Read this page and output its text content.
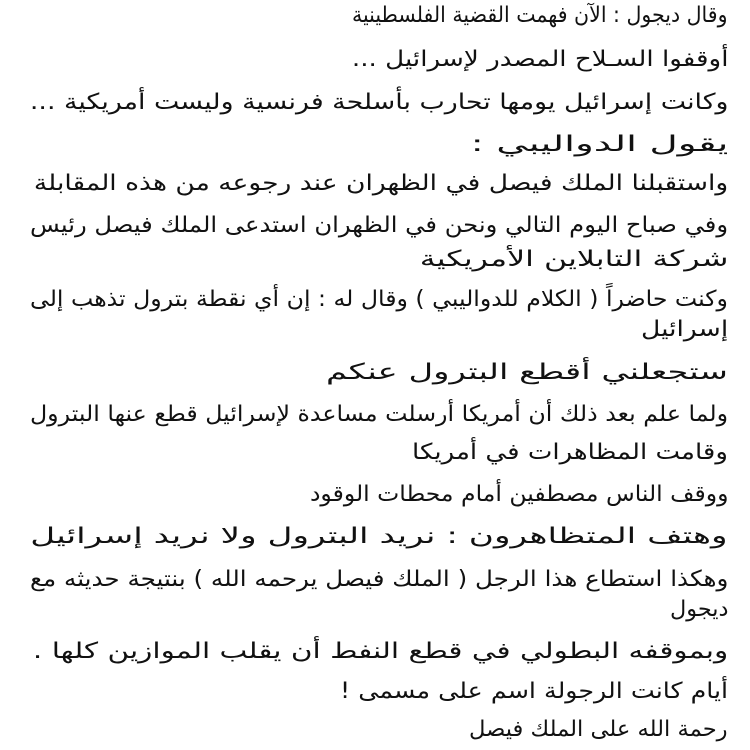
وقال ديجول : الآن فهمت القضية الفلسطينية
أوقفوا السـلاح المصدر لإسرائيل ...
وكانت إسرائيل يومها تحارب بأسلحة فرنسية وليست أمريكية ...
يقول الدواليبي :
واستقبلنا الملك فيصل في الظهران عند رجوعه من هذه المقابلة
وفي صباح اليوم التالي ونحن في الظهران استدعى الملك فيصل رئيس
شركة التابلاين الأمريكية
وكنت حاضراً ( الكلام للدواليبي ) وقال له : إن أي نقطة بترول تذهب إلى
إسرائيل
ستجعلني أقطع البترول عنكم
ولما علم بعد ذلك أن أمريكا أرسلت مساعدة لإسرائيل قطع عنها البترول
وقامت المظاهرات في أمريكا
ووقف الناس مصطفين أمام محطات الوقود
وهتف المتظاهرون : نريد البترول ولا نريد إسرائيل
وهكذا استطاع هذا الرجل ( الملك فيصل يرحمه الله ) بنتيجة حديثه مع
ديجول
وبموقفه البطولي في قطع النفط أن يقلب الموازين كلها .
أيام كانت الرجولة اسم على مسمى !
رحمة الله على الملك فيصل
